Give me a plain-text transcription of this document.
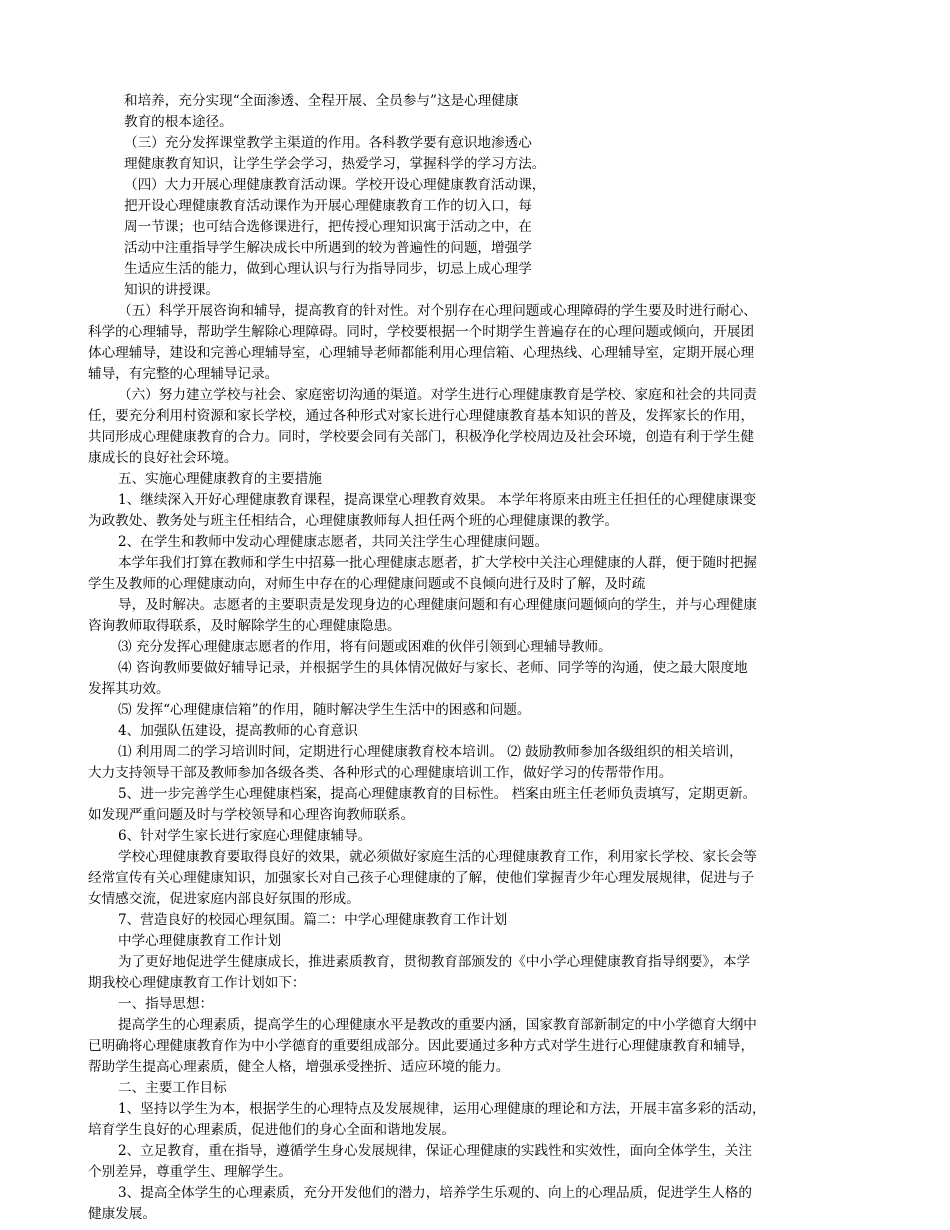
和培养，充分实现“全面渗透、全程开展、全员参与”这是心理健康
教育的根本途径。
（三）充分发挥课堂教学主渠道的作用。各科教学要有意识地渗透心
理健康教育知识，让学生学会学习，热爱学习，掌握科学的学习方法。
（四）大力开展心理健康教育活动课。学校开设心理健康教育活动课，
把开设心理健康教育活动课作为开展心理健康教育工作的切入口，每
周一节课；也可结合选修课进行，把传授心理知识寓于活动之中，在
活动中注重指导学生解决成长中所遇到的较为普遍性的问题，增强学
生适应生活的能力，做到心理认识与行为指导同步，切忌上成心理学
知识的讲授课。
（五）科学开展咨询和辅导，提高教育的针对性。对个别存在心理问题或心理障碍的学生要及时进行耐心、
科学的心理辅导，帮助学生解除心理障碍。同时，学校要根据一个时期学生普遍存在的心理问题或倾向，开展团
体心理辅导，建设和完善心理辅导室，心理辅导老师都能利用心理信箱、心理热线、心理辅导室，定期开展心理
辅导，有完整的心理辅导记录。
（六）努力建立学校与社会、家庭密切沟通的渠道。对学生进行心理健康教育是学校、家庭和社会的共同责
任，要充分利用村资源和家长学校，通过各种形式对家长进行心理健康教育基本知识的普及，发挥家长的作用，
共同形成心理健康教育的合力。同时，学校要会同有关部门，积极净化学校周边及社会环境，创造有利于学生健
康成长的良好社会环境。
五、实施心理健康教育的主要措施
1、继续深入开好心理健康教育课程，提高课堂心理教育效果。 本学年将原来由班主任担任的心理健康课变
为政教处、教务处与班主任相结合，心理健康教师每人担任两个班的心理健康课的教学。
2、在学生和教师中发动心理健康志愿者，共同关注学生心理健康问题。
本学年我们打算在教师和学生中招募一批心理健康志愿者，扩大学校中关注心理健康的人群，便于随时把握
学生及教师的心理健康动向，对师生中存在的心理健康问题或不良倾向进行及时了解，及时疏
导，及时解决。志愿者的主要职责是发现身边的心理健康问题和有心理健康问题倾向的学生，并与心理健康
咨询教师取得联系，及时解除学生的心理健康隐患。
⑶ 充分发挥心理健康志愿者的作用，将有问题或困难的伙伴引领到心理辅导教师。
⑷ 咨询教师要做好辅导记录，并根据学生的具体情况做好与家长、老师、同学等的沟通，使之最大限度地
发挥其功效。
⑸ 发挥“心理健康信箱”的作用，随时解决学生生活中的困惑和问题。
4、加强队伍建设，提高教师的心育意识
⑴ 利用周二的学习培训时间，定期进行心理健康教育校本培训。 ⑵ 鼓励教师参加各级组织的相关培训，
大力支持领导干部及教师参加各级各类、各种形式的心理健康培训工作，做好学习的传帮带作用。
5、进一步完善学生心理健康档案，提高心理健康教育的目标性。 档案由班主任老师负责填写，定期更新。
如发现严重问题及时与学校领导和心理咨询教师联系。
6、针对学生家长进行家庭心理健康辅导。
学校心理健康教育要取得良好的效果，就必须做好家庭生活的心理健康教育工作，利用家长学校、家长会等
经常宣传有关心理健康知识，加强家长对自己孩子心理健康的了解，使他们掌握青少年心理发展规律，促进与子
女情感交流，促进家庭内部良好氛围的形成。
7、营造良好的校园心理氛围。篇二：中学心理健康教育工作计划
中学心理健康教育工作计划
为了更好地促进学生健康成长，推进素质教育，贯彻教育部颁发的《中小学心理健康教育指导纲要》，本学
期我校心理健康教育工作计划如下：
一、指导思想：
提高学生的心理素质，提高学生的心理健康水平是教改的重要内涵，国家教育部新制定的中小学德育大纲中
已明确将心理健康教育作为中小学德育的重要组成部分。因此要通过多种方式对学生进行心理健康教育和辅导，
帮助学生提高心理素质，健全人格，增强承受挫折、适应环境的能力。
二、主要工作目标
1、坚持以学生为本，根据学生的心理特点及发展规律，运用心理健康的理论和方法，开展丰富多彩的活动，
培育学生良好的心理素质，促进他们的身心全面和谐地发展。
2、立足教育，重在指导，遵循学生身心发展规律，保证心理健康的实践性和实效性，面向全体学生，关注
个别差异，尊重学生、理解学生。
3、提高全体学生的心理素质，充分开发他们的潜力，培养学生乐观的、向上的心理品质，促进学生人格的
健康发展。
